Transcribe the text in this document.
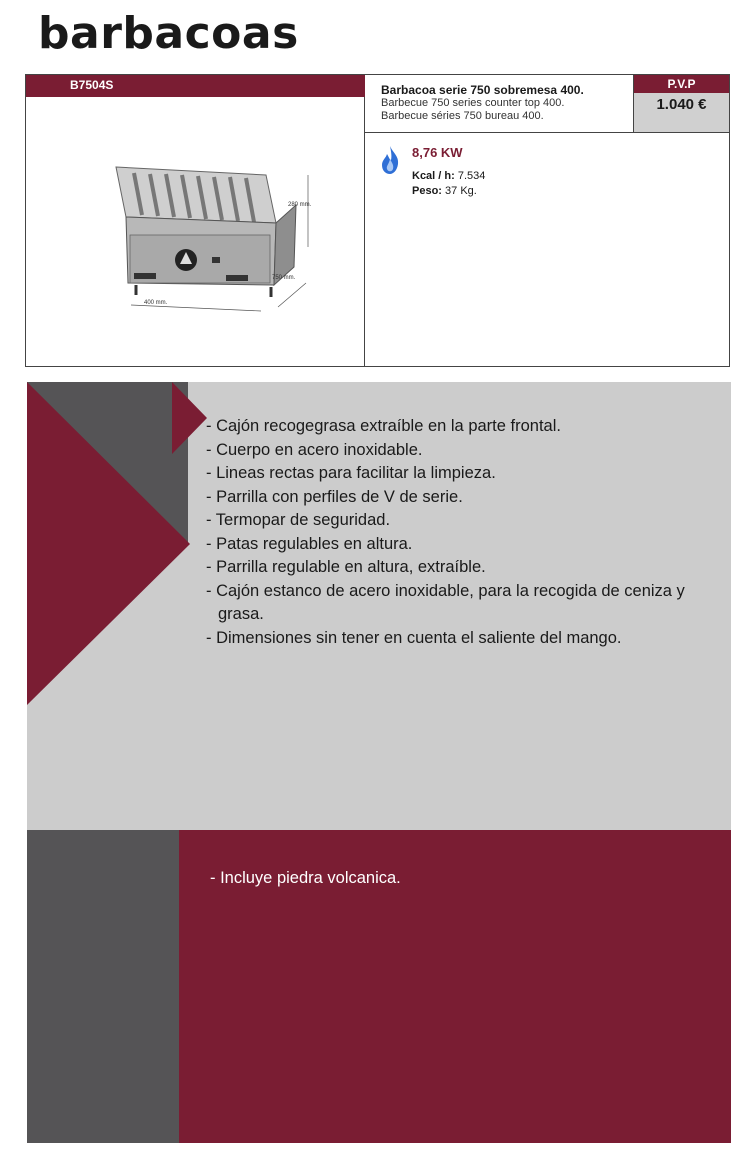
barbacoas
B7504S
280 mm.
750 mm.
400 mm.
Barbacoa serie 750 sobremesa 400.
Barbecue 750 series counter top 400.
Barbecue séries 750 bureau 400.
P.V.P
1.040 €
8,76 KW
Kcal / h: 7.534
Peso: 37 Kg.
- Cajón recogegrasa extraíble en la parte frontal.
- Cuerpo en acero inoxidable.
- Lineas rectas para facilitar la limpieza.
- Parrilla con perfiles de V de serie.
- Termopar de seguridad.
- Patas regulables en altura.
- Parrilla regulable en altura, extraíble.
- Cajón estanco de acero inoxidable, para la recogida de ceniza y grasa.
- Dimensiones sin tener en cuenta el saliente del mango.
- Incluye piedra volcanica.
